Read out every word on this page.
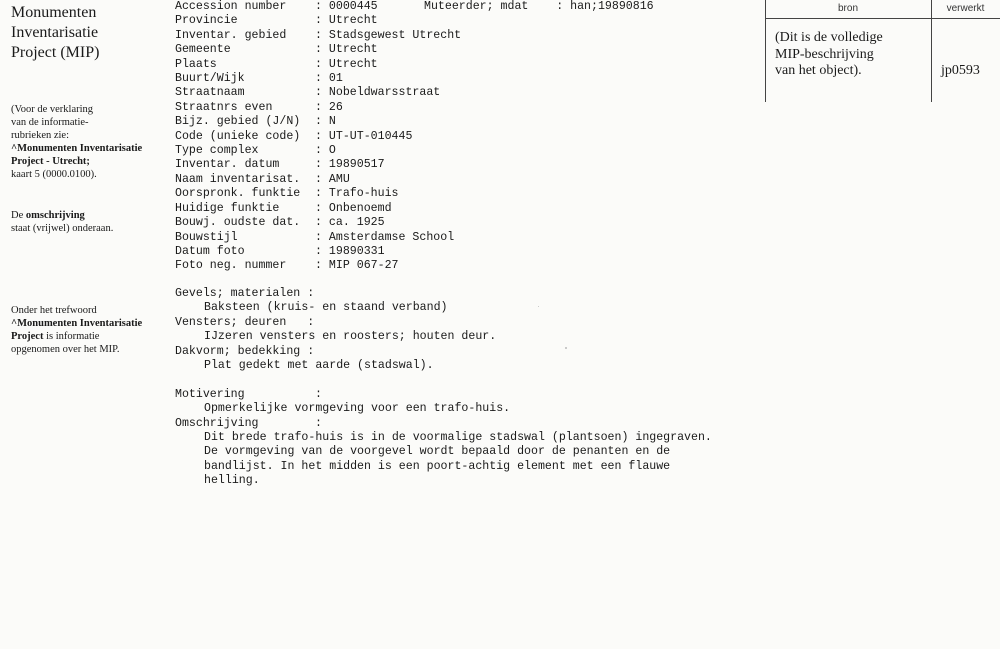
Monumenten
Inventarisatie
Project (MIP)
(Voor de verklaring
van de informatie-
rubrieken zie:
^Monumenten Inventarisatie
Project - Utrecht;
kaart 5 (0000.0100).
De omschrijving
staat (vrijwel) onderaan.
Onder het trefwoord
^Monumenten Inventarisatie
Project is informatie
opgenomen over het MIP.
Accession number : 0000445
Provincie	: Utrecht
Inventar. gebied : Stadsgewest Utrecht
Gemeente	: Utrecht
Plaats	: Utrecht
Buurt/Wijk	: 01
Straatnaam	: Nobeldwarsstraat
Straatnrs even	: 26
Bijz. gebied (J/N) : N
Code (unieke code) : UT-UT-010445
Type complex	: O
Inventar. datum	: 19890517
Naam inventarisat. : AMU
Oorspronk. funktie : Trafo-huis
Huidige funktie	: Onbenoemd
Bouwj. oudste dat. : ca. 1925
Bouwstijl	: Amsterdamse School
Datum foto	: 19890331
Foto neg. nummer : MIP 067-27
Muteerder; mdat : han;19890816
Gevels; materialen :
Baksteen (kruis- en staand verband)
Vensters; deuren   :
IJzeren vensters en roosters; houten deur.
Dakvorm; bedekking :
Plat gedekt met aarde (stadswal).
Motivering	:
Opmerkelijke vormgeving voor een trafo-huis.
Omschrijving	:
Dit brede trafo-huis is in de voormalige stadswal (plantsoen) ingegraven.
De vormgeving van de voorgevel wordt bepaald door de penanten en de
bandlijst. In het midden is een poort-achtig element met een flauwe
helling.
bron	verwerkt
(Dit is de volledige
MIP-beschrijving
van het object).	jp0593
